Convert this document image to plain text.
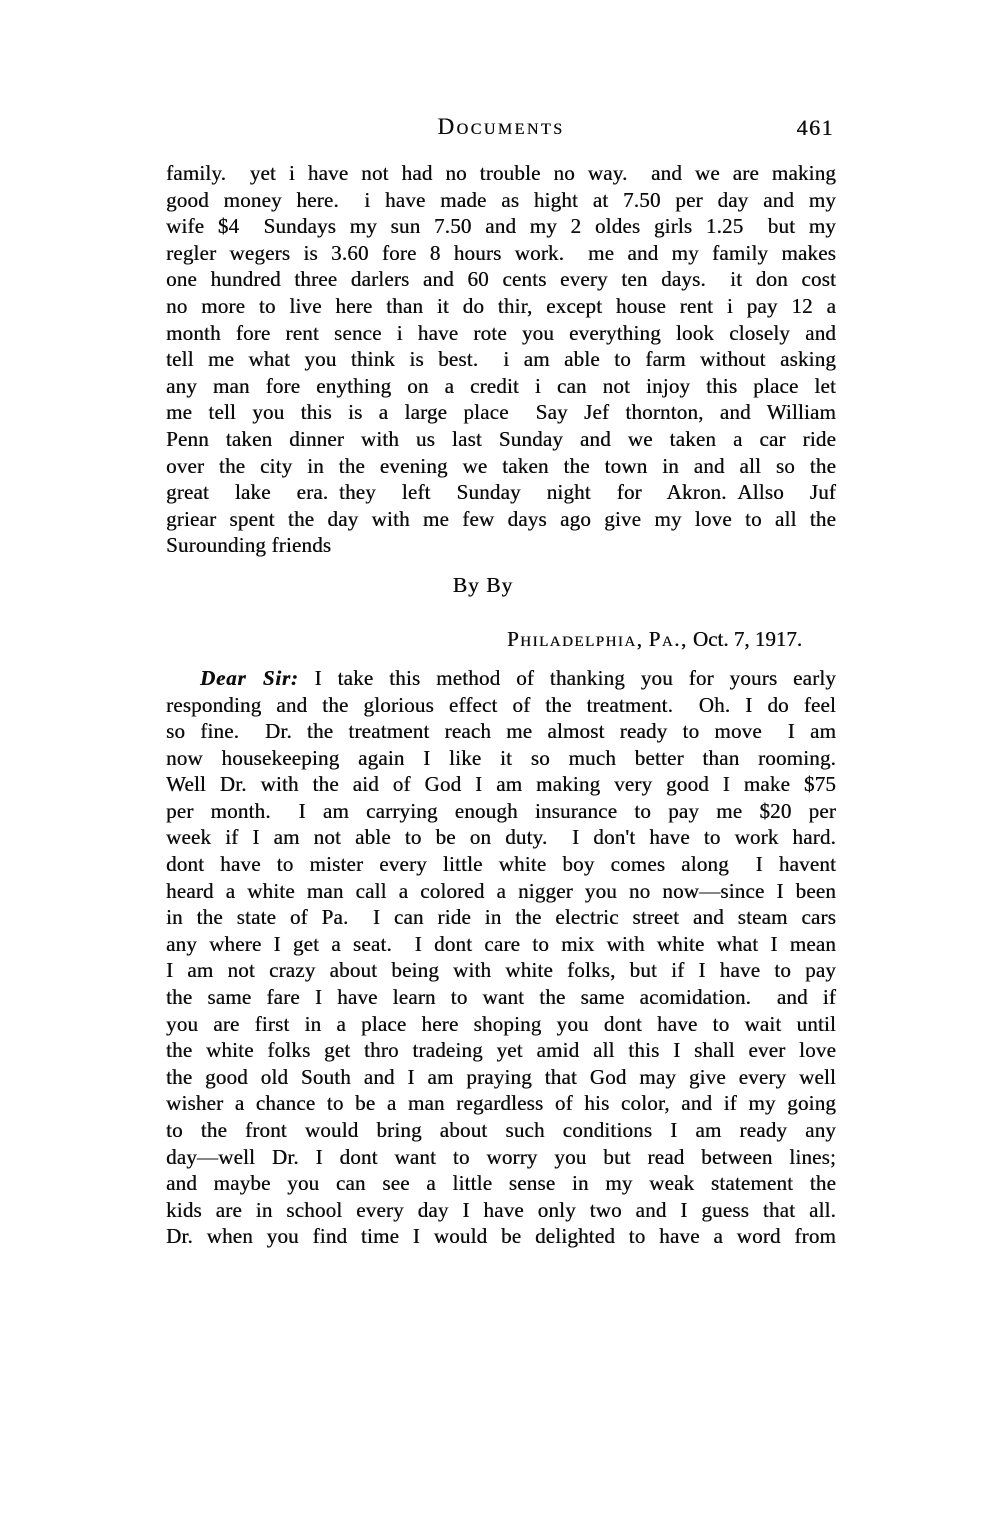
Documents	461
family.  yet i have not had no trouble no way.  and we are making
good money here.  i have made as hight at 7.50 per day and my
wife $4  Sundays my sun 7.50 and my 2 oldes girls 1.25  but my
regler wegers is 3.60 fore 8 hours work.  me and my family makes
one hundred three darlers and 60 cents every ten days.  it don cost
no more to live here than it do thir, except house rent i pay 12 a
month fore rent sence i have rote you everything look closely and
tell me what you think is best.  i am able to farm without asking
any man fore enything on a credit i can not injoy this place let
me tell you this is a large place  Say Jef thornton, and William
Penn taken dinner with us last Sunday and we taken a car ride
over the city in the evening we taken the town in and all so the
great lake era. they left Sunday night for Akron. Allso Juf
griear spent the day with me few days ago give my love to all the
Surounding friends
By By
Philadelphia, Pa., Oct. 7, 1917.
Dear Sir: I take this method of thanking you for yours early
responding and the glorious effect of the treatment.  Oh. I do feel
so fine.  Dr. the treatment reach me almost ready to move  I am
now housekeeping again I like it so much better than rooming.
Well Dr. with the aid of God I am making very good I make $75
per month.  I am carrying enough insurance to pay me $20 per
week if I am not able to be on duty.  I don't have to work hard.
dont have to mister every little white boy comes along  I havent
heard a white man call a colored a nigger you no now—since I been
in the state of Pa.  I can ride in the electric street and steam cars
any where I get a seat.  I dont care to mix with white what I mean
I am not crazy about being with white folks, but if I have to pay
the same fare I have learn to want the same acomidation.  and if
you are first in a place here shoping you dont have to wait until
the white folks get thro tradeing yet amid all this I shall ever love
the good old South and I am praying that God may give every well
wisher a chance to be a man regardless of his color, and if my going
to the front would bring about such conditions I am ready any
day—well Dr. I dont want to worry you but read between lines;
and maybe you can see a little sense in my weak statement the
kids are in school every day I have only two and I guess that all.
Dr. when you find time I would be delighted to have a word from
